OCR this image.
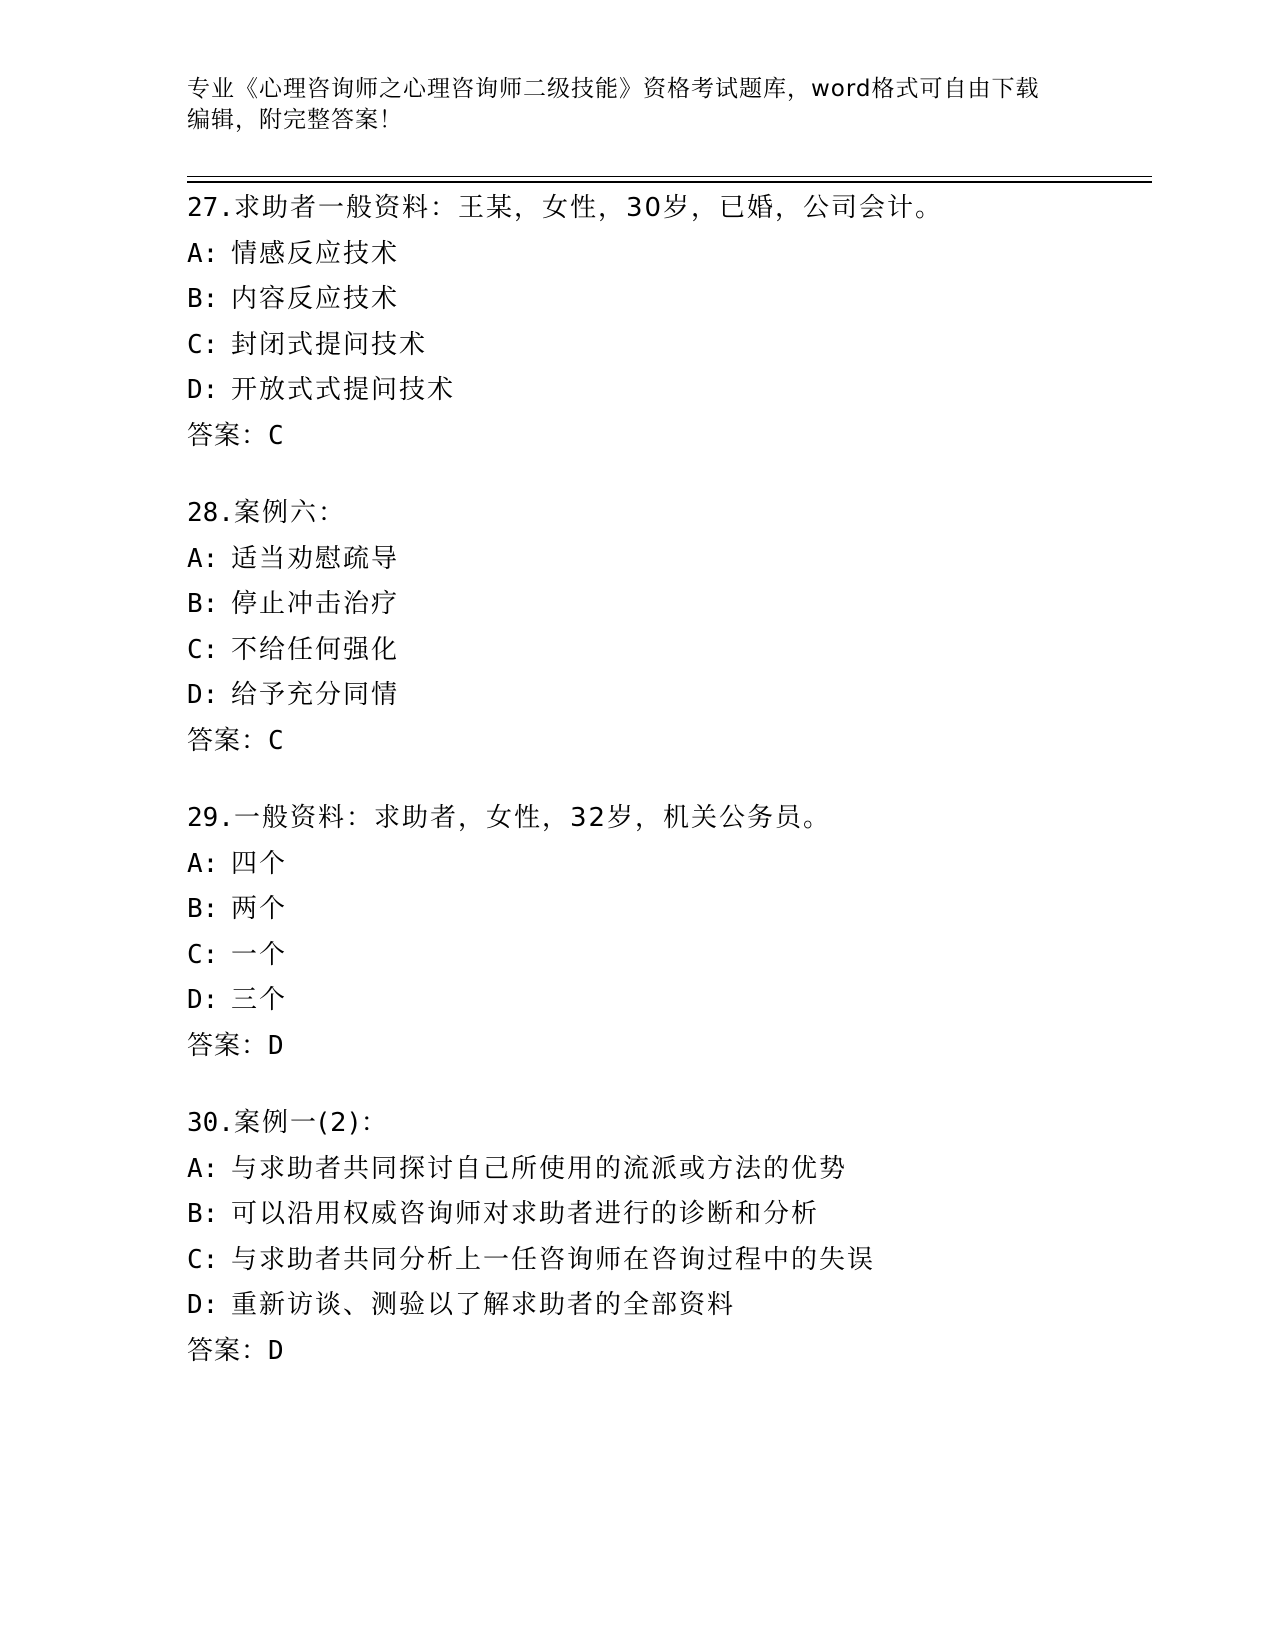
专业《心理咨询师之心理咨询师二级技能》资格考试题库，word格式可自由下载
编辑，附完整答案！
27.求助者一般资料：王某，女性，30岁，已婚，公司会计。
A: 情感反应技术
B: 内容反应技术
C: 封闭式提问技术
D: 开放式式提问技术
答案：C
28.案例六：
A: 适当劝慰疏导
B: 停止冲击治疗
C: 不给任何强化
D: 给予充分同情
答案：C
29.一般资料：求助者，女性，32岁，机关公务员。
A: 四个
B: 两个
C: 一个
D: 三个
答案：D
30.案例一(2)：
A: 与求助者共同探讨自己所使用的流派或方法的优势
B: 可以沿用权威咨询师对求助者进行的诊断和分析
C: 与求助者共同分析上一任咨询师在咨询过程中的失误
D: 重新访谈、测验以了解求助者的全部资料
答案：D
